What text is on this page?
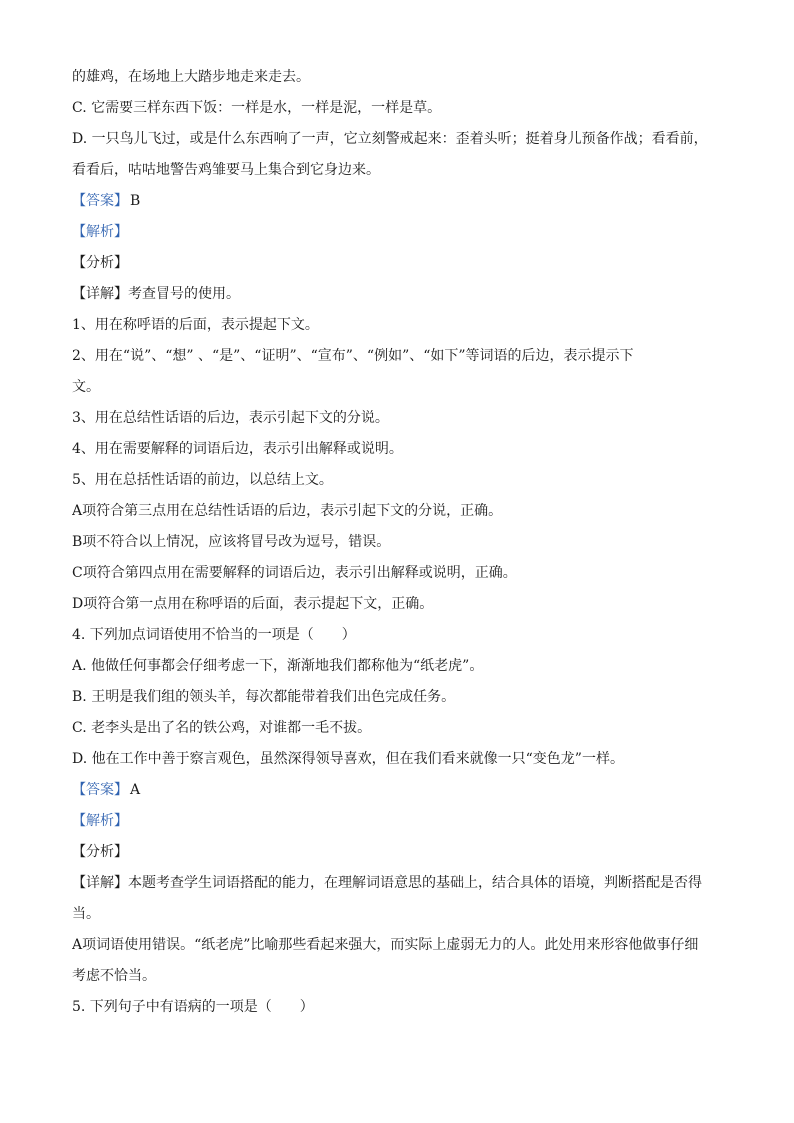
的雄鸡，在场地上大踏步地走来走去。
C. 它需要三样东西下饭：一样是水，一样是泥，一样是草。
D. 一只鸟儿飞过，或是什么东西响了一声，它立刻警戒起来：歪着头听；挺着身儿预备作战；看看前，
看看后，咕咕地警告鸡雏要马上集合到它身边来。
【答案】 B
【解析】
【分析】
【详解】考查冒号的使用。
1、用在称呼语的后面，表示提起下文。
2、用在“说”、“想” 、“是”、“证明”、“宣布”、“例如”、“如下”等词语的后边，表示提示下
文。
3、用在总结性话语的后边，表示引起下文的分说。
4、用在需要解释的词语后边，表示引出解释或说明。
5、用在总括性话语的前边，以总结上文。
A项符合第三点用在总结性话语的后边，表示引起下文的分说，正确。
B项不符合以上情况，应该将冒号改为逗号，错误。
C项符合第四点用在需要解释的词语后边，表示引出解释或说明，正确。
D项符合第一点用在称呼语的后面，表示提起下文，正确。
4. 下列加点词语使用不恰当的一项是（　　）
A. 他做任何事都会仔细考虑一下，渐渐地我们都称他为“纸老虎”。
B. 王明是我们组的领头羊，每次都能带着我们出色完成任务。
C. 老李头是出了名的铁公鸡，对谁都一毛不拔。
D. 他在工作中善于察言观色，虽然深得领导喜欢，但在我们看来就像一只“变色龙”一样。
【答案】 A
【解析】
【分析】
【详解】本题考查学生词语搭配的能力，在理解词语意思的基础上，结合具体的语境，判断搭配是否得
当。
A项词语使用错误。“纸老虎”比喻那些看起来强大，而实际上虚弱无力的人。此处用来形容他做事仔细
考虑不恰当。
5. 下列句子中有语病的一项是（　　）
